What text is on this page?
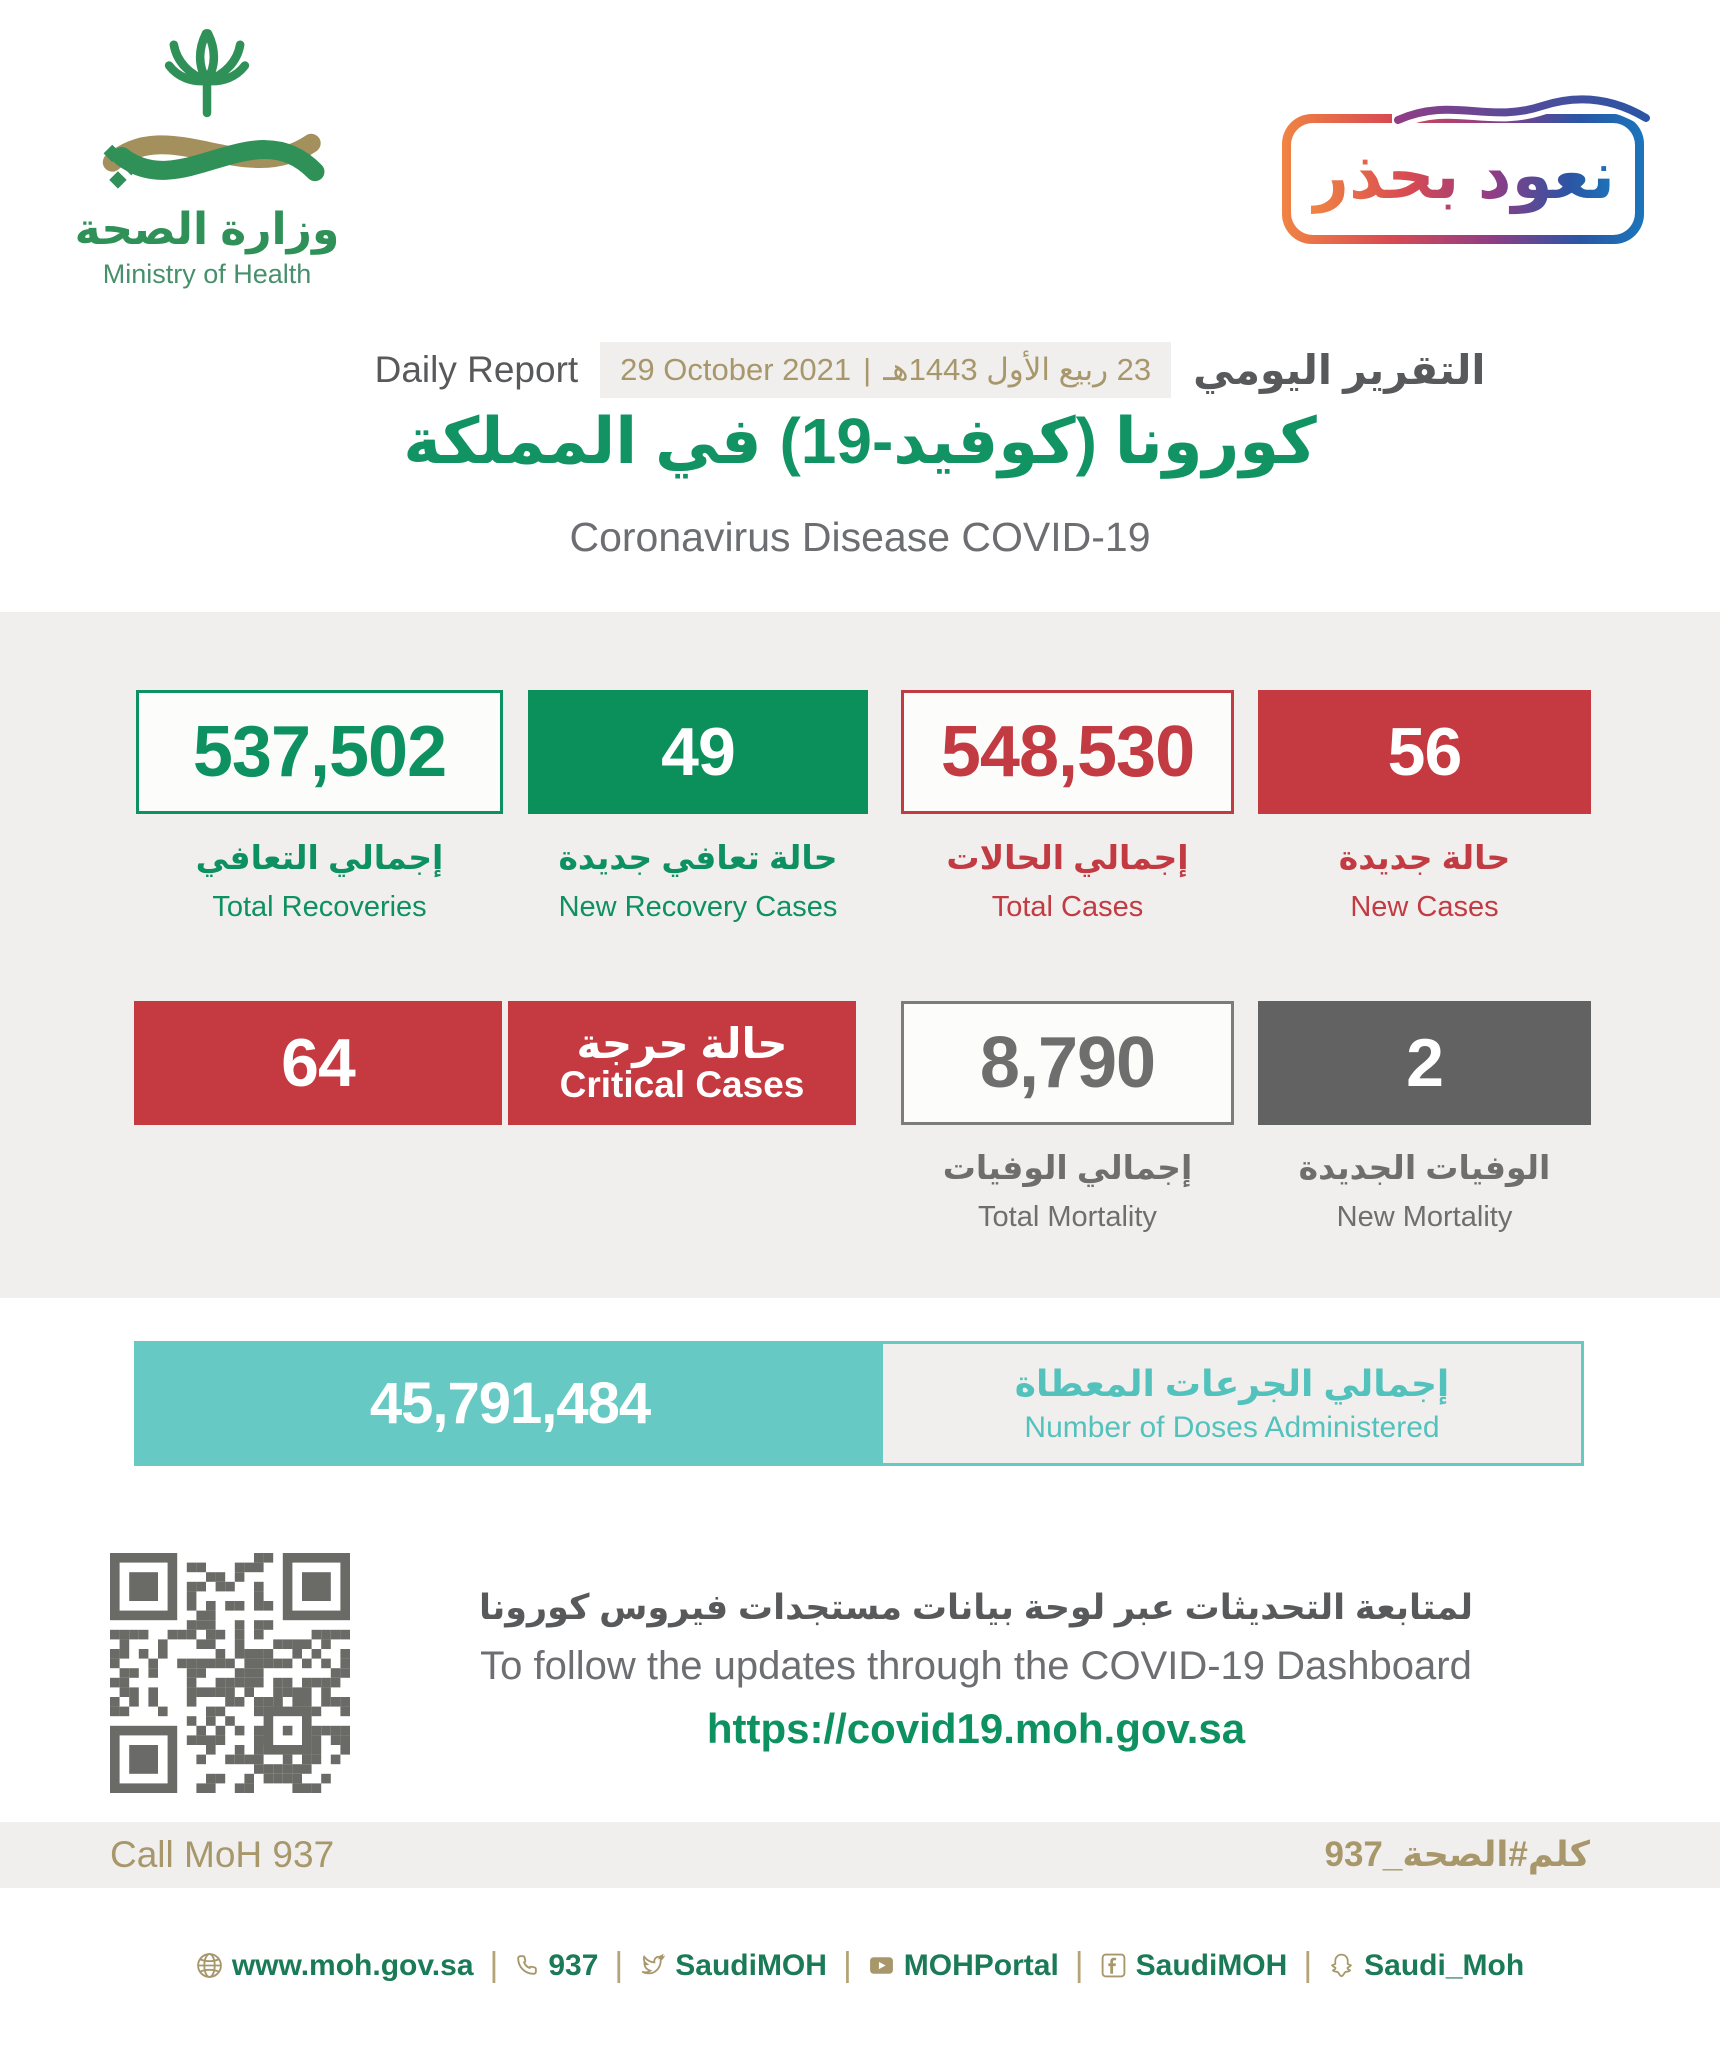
وزارة الصحة
Ministry of Health
نعود بحذر
Daily Report 29 October 2021 | 23 ربيع الأول 1443هـ التقرير اليومي
كورونا (كوفيد-19) في المملكة
Coronavirus Disease COVID-19
537,502	49	548,530	56
إجمالي التعافي
Total Recoveries
حالة تعافي جديدة
New Recovery Cases
إجمالي الحالات
Total Cases
حالة جديدة
New Cases
64	حالة حرجة
Critical Cases 8,790	2
إجمالي الوفيات
Total Mortality
الوفيات الجديدة
New Mortality
45,791,484	إجمالي الجرعات المعطاة
Number of Doses Administered
لمتابعة التحديثات عبر لوحة بيانات مستجدات فيروس كورونا
To follow the updates through the COVID-19 Dashboard
https://covid19.moh.gov.sa
Call MoH 937	كلم#الصحة_937
www.moh.gov.sa | 937 | SaudiMOH | MOHPortal | SaudiMOH | Saudi_Moh
